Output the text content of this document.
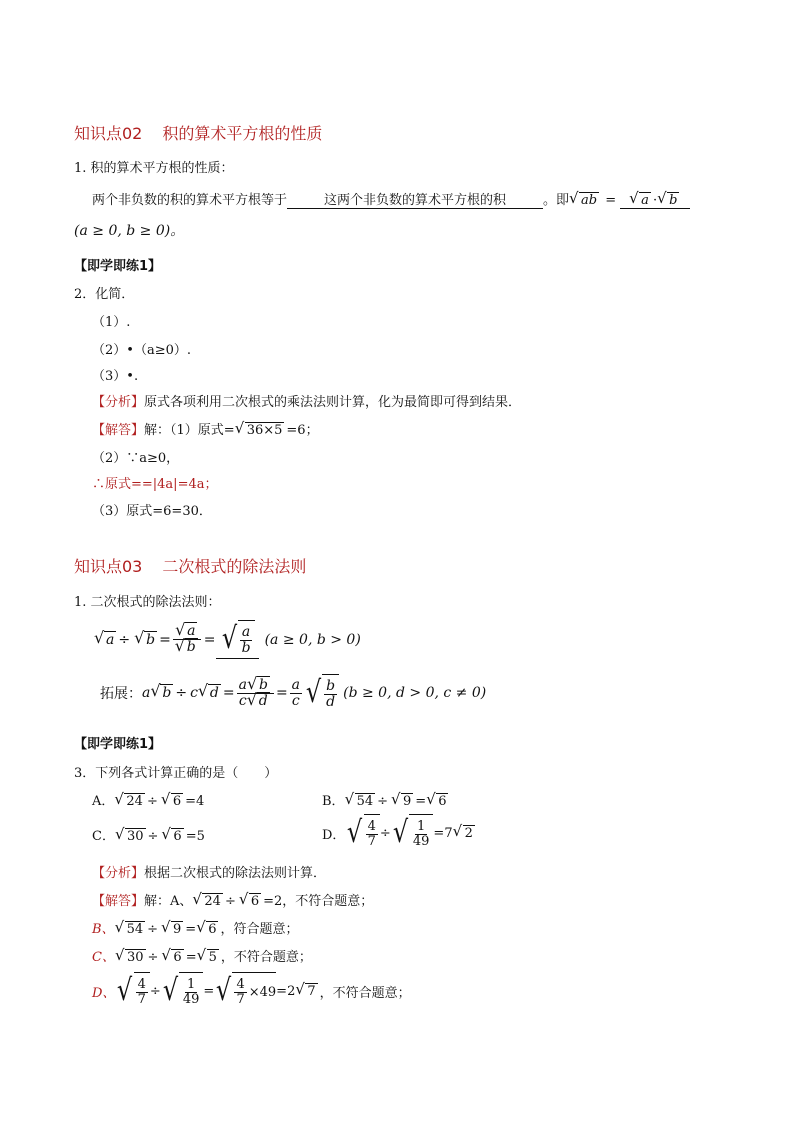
知识点02 积的算术平方根的性质
1. 积的算术平方根的性质：
两个非负数的积的算术平方根等于	这两个非负数的算术平方根的积	。即 √ ab = √ a · √ b
(a ≥ 0, b ≥ 0)。
【即学即练1】
2．化简．
（1）.
（2）•（a≥0）.
（3）•.
【分析】原式各项利用二次根式的乘法法则计算，化为最简即可得到结果．
【解答】解：（1）原式= √ 36×5 =6；
（2）∵a≥0，
∴原式==|4a|=4a；
（3）原式=6=30．
知识点03 二次根式的除法法则
1. 二次根式的除法法则：
√ a ÷ √ $b = \frac{√ a}{√ b}$ = √ $\frac{a}{b} (a \ge 0$, b > 0)
拓展： a √ b ÷ c √ $d = \frac{a √ b}{c √ d} = \frac{a}{c}$ √ $\frac{b}{d} (b \ge 0$, d > 0, c ≠ 0)
【即学即练1】
3．下列各式计算正确的是（　　）
A． √ 24 ÷ √ 6 =4	B． √ 54 ÷ √ 9 = √ 6
C． √ 30 ÷ √ 6 =5	D． √ $\frac{4}{7}$ ÷ √ $\frac{1}{49} =7$ √ 2
【分析】根据二次根式的除法法则计算．
【解答】解：A、 √ 24 ÷ √ 6 =2，不符合题意；
B、 √ 54 ÷ √ 9 = √ 6 ，符合题意；
C、 √ 30 ÷ √ 6 = √ 5 ，不符合题意；
D、 √ $\frac{4}{7}$ ÷ √ $\frac{1}{49}$ = √ $\frac{4}{7} \times 49 =2$ √ 7 ，不符合题意；
